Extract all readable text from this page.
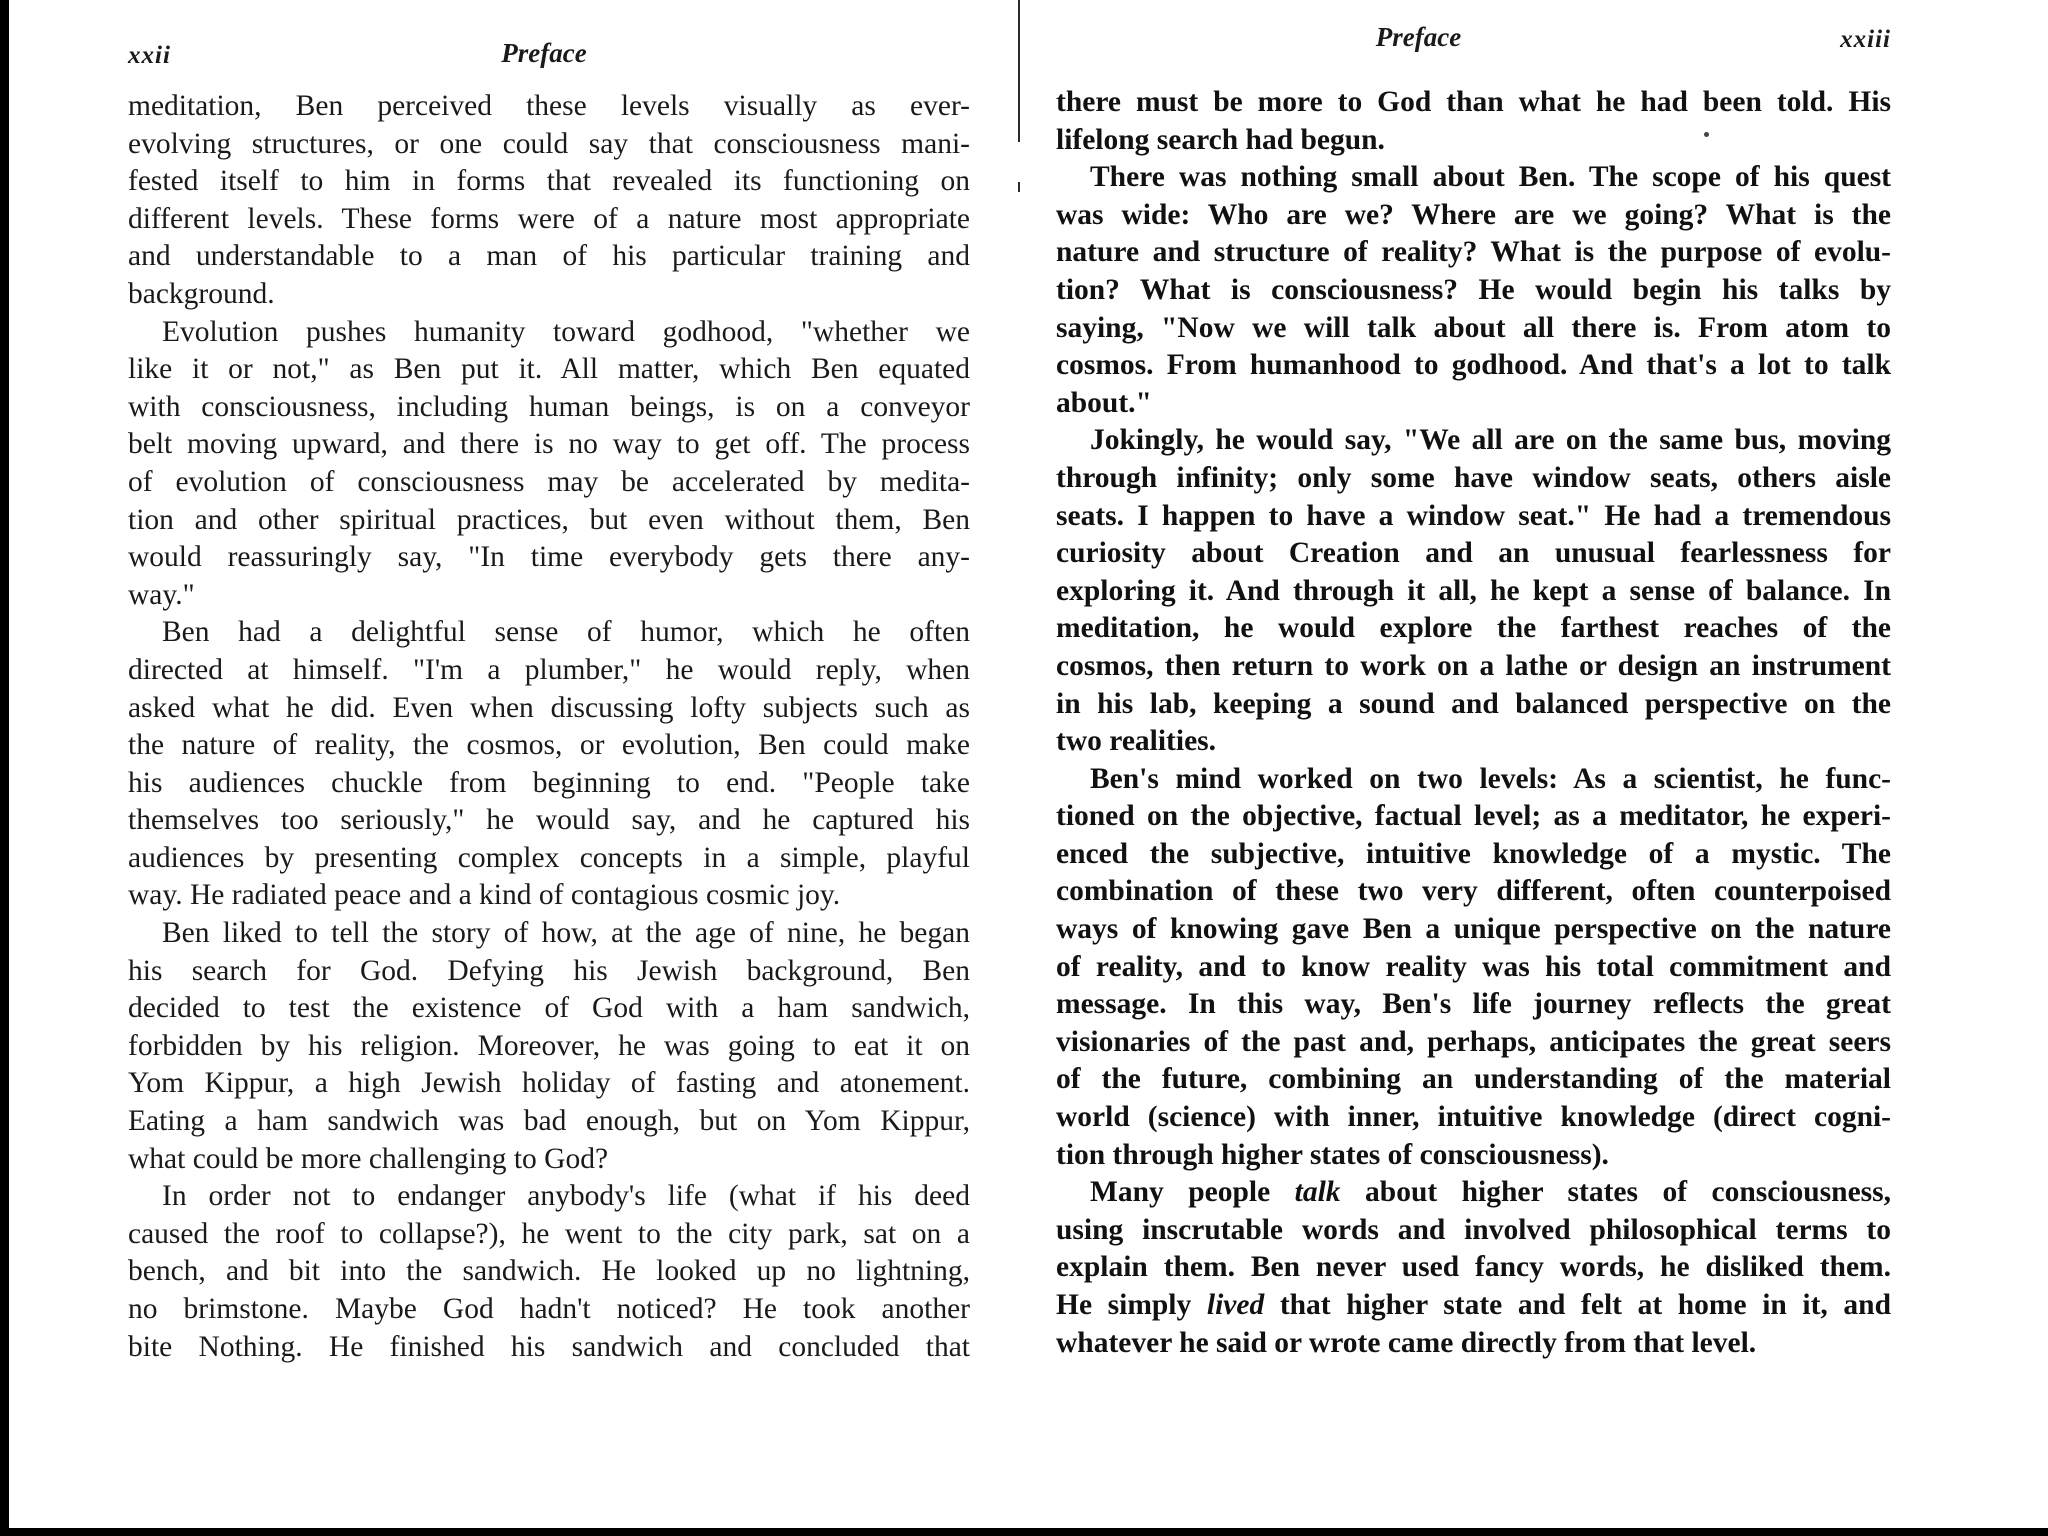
xxii	Preface
meditation, Ben perceived these levels visually as ever-
evolving structures, or one could say that consciousness mani-
fested itself to him in forms that revealed its functioning on
different levels. These forms were of a nature most appropriate
and understandable to a man of his particular training and
background.
Evolution pushes humanity toward godhood, "whether we
like it or not," as Ben put it. All matter, which Ben equated
with consciousness, including human beings, is on a conveyor
belt moving upward, and there is no way to get off. The process
of evolution of consciousness may be accelerated by medita-
tion and other spiritual practices, but even without them, Ben
would reassuringly say, "In time everybody gets there any-
way."
Ben had a delightful sense of humor, which he often
directed at himself. "I'm a plumber," he would reply, when
asked what he did. Even when discussing lofty subjects such as
the nature of reality, the cosmos, or evolution, Ben could make
his audiences chuckle from beginning to end. "People take
themselves too seriously," he would say, and he captured his
audiences by presenting complex concepts in a simple, playful
way. He radiated peace and a kind of contagious cosmic joy.
Ben liked to tell the story of how, at the age of nine, he began
his search for God. Defying his Jewish background, Ben
decided to test the existence of God with a ham sandwich,
forbidden by his religion. Moreover, he was going to eat it on
Yom Kippur, a high Jewish holiday of fasting and atonement.
Eating a ham sandwich was bad enough, but on Yom Kippur,
what could be more challenging to God?
In order not to endanger anybody's life (what if his deed
caused the roof to collapse?), he went to the city park, sat on a
bench, and bit into the sandwich. He looked up no lightning,
no brimstone. Maybe God hadn't noticed? He took another
bite Nothing. He finished his sandwich and concluded that
Preface	xxiii
there must be more to God than what he had been told. His
lifelong search had begun.
There was nothing small about Ben. The scope of his quest
was wide: Who are we? Where are we going? What is the
nature and structure of reality? What is the purpose of evolu-
tion? What is consciousness? He would begin his talks by
saying, "Now we will talk about all there is. From atom to
cosmos. From humanhood to godhood. And that's a lot to talk
about."
Jokingly, he would say, "We all are on the same bus, moving
through infinity; only some have window seats, others aisle
seats. I happen to have a window seat." He had a tremendous
curiosity about Creation and an unusual fearlessness for
exploring it. And through it all, he kept a sense of balance. In
meditation, he would explore the farthest reaches of the
cosmos, then return to work on a lathe or design an instrument
in his lab, keeping a sound and balanced perspective on the
two realities.
Ben's mind worked on two levels: As a scientist, he func-
tioned on the objective, factual level; as a meditator, he experi-
enced the subjective, intuitive knowledge of a mystic. The
combination of these two very different, often counterpoised
ways of knowing gave Ben a unique perspective on the nature
of reality, and to know reality was his total commitment and
message. In this way, Ben's life journey reflects the great
visionaries of the past and, perhaps, anticipates the great seers
of the future, combining an understanding of the material
world (science) with inner, intuitive knowledge (direct cogni-
tion through higher states of consciousness).
Many people talk about higher states of consciousness,
using inscrutable words and involved philosophical terms to
explain them. Ben never used fancy words, he disliked them.
He simply lived that higher state and felt at home in it, and
whatever he said or wrote came directly from that level.
